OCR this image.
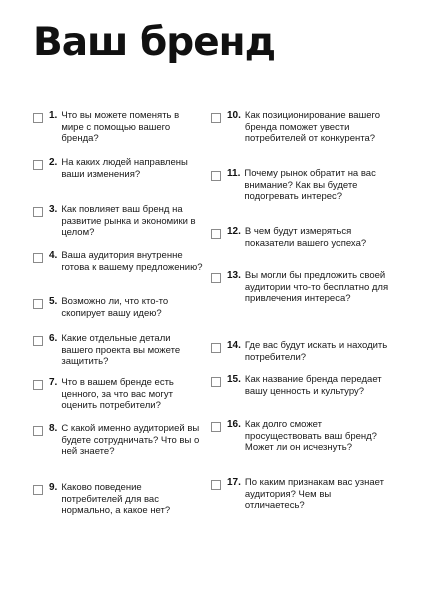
Ваш бренд
1. Что вы можете поменять в мире с помощью вашего бренда?
2. На каких людей направлены ваши изменения?
3. Как повлияет ваш бренд на развитие рынка и экономики в целом?
4. Ваша аудитория внутренне готова к вашему предложению?
5. Возможно ли, что кто-то скопирует вашу идею?
6. Какие отдельные детали вашего проекта вы можете защитить?
7. Что в вашем бренде есть ценного, за что вас могут оценить потребители?
8. С какой именно аудиторией вы будете сотрудничать? Что вы о ней знаете?
9. Каково поведение потребителей для вас нормально, а какое нет?
10. Как позиционирование вашего бренда поможет увести потребителей от конкурента?
11. Почему рынок обратит на вас внимание? Как вы будете подогревать интерес?
12. В чем будут измеряться показатели вашего успеха?
13. Вы могли бы предложить своей аудитории что-то бесплатно для привлечения интереса?
14. Где вас будут искать и находить потребители?
15. Как название бренда передает вашу ценность и культуру?
16. Как долго сможет просуществовать ваш бренд? Может ли он исчезнуть?
17. По каким признакам вас узнает аудитория? Чем вы отличаетесь?
